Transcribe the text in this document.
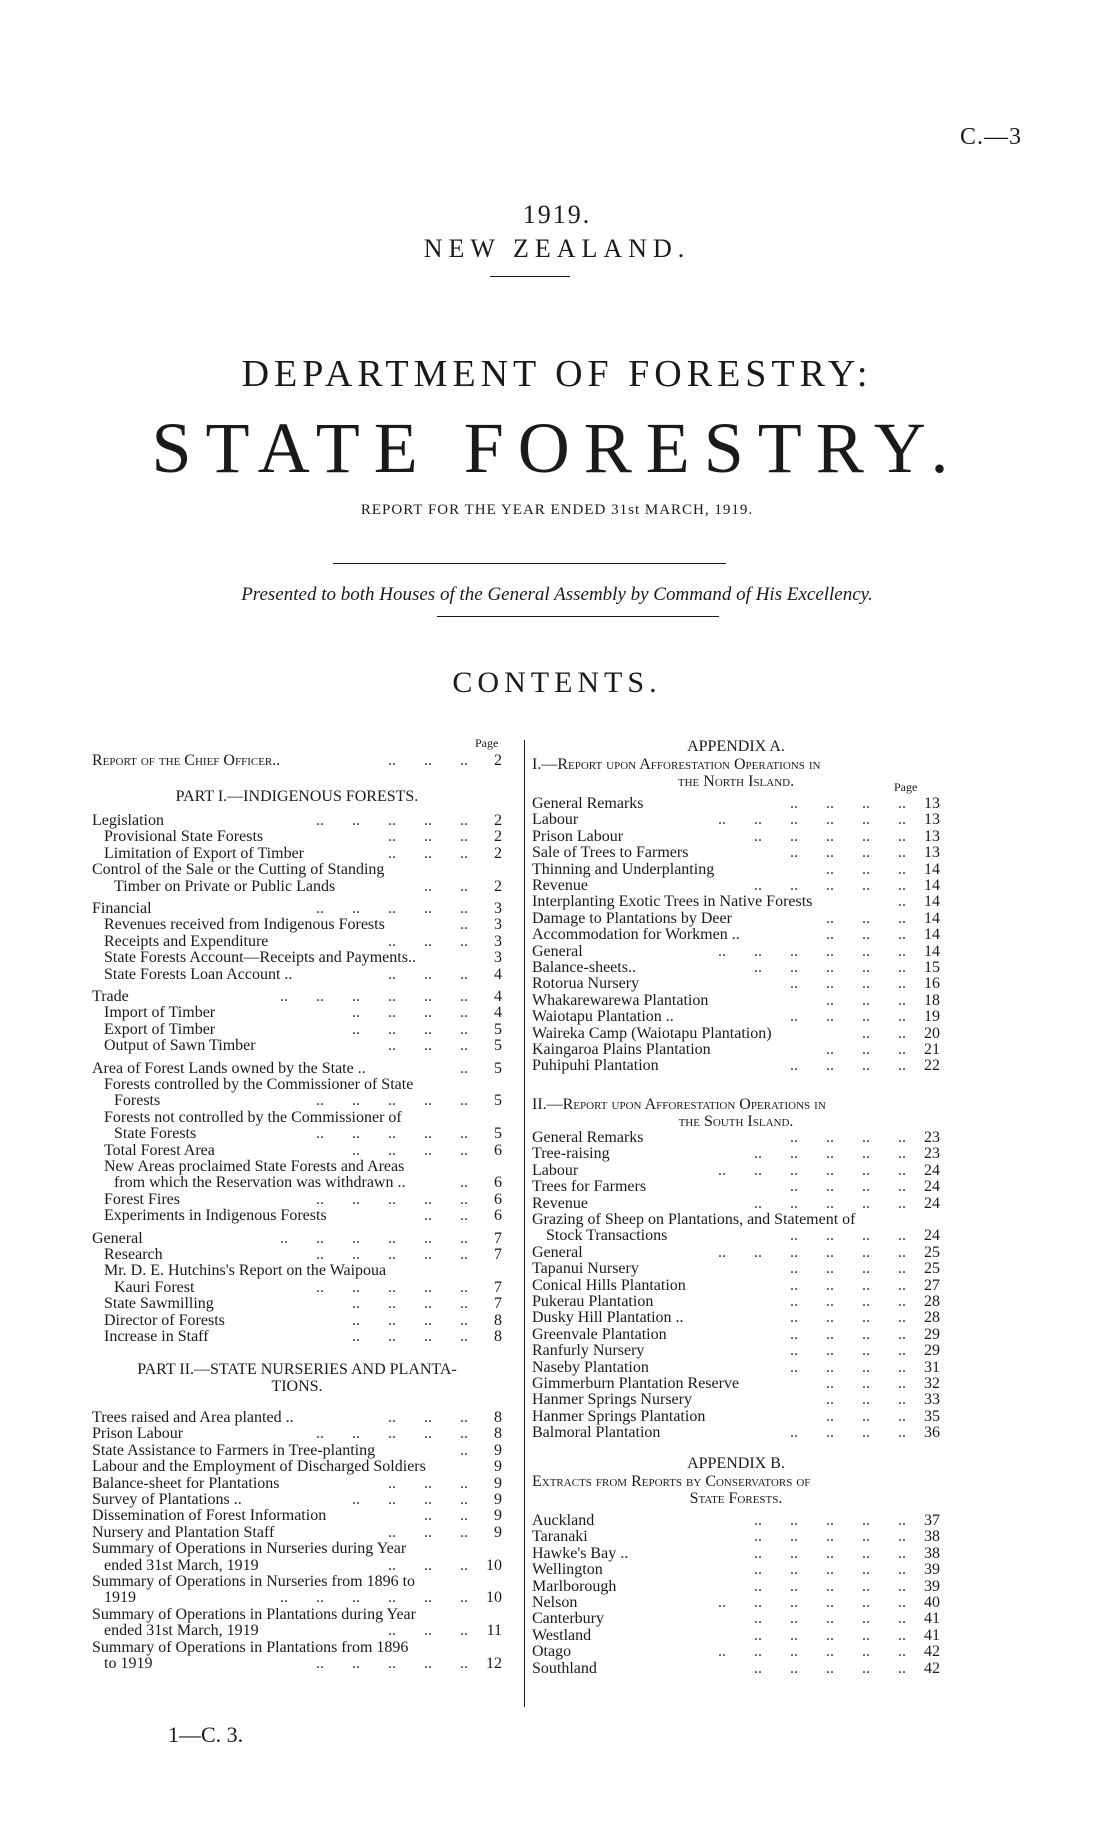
C.—3
1919.
NEW ZEALAND.
DEPARTMENT OF FORESTRY:
STATE FORESTRY.
REPORT FOR THE YEAR ENDED 31st MARCH, 1919.
Presented to both Houses of the General Assembly by Command of His Excellency.
CONTENTS.
Page
Report of the Chief Officer..	2
..       ..       ..
PART I.—INDIGENOUS FORESTS.
Legislation	2
..       ..       ..       ..       ..
Provisional State Forests	2
..       ..       ..
Limitation of Export of Timber	2
..       ..       ..
Control of the Sale or the Cutting of Standing
Timber on Private or Public Lands	2
..       ..
Financial	3
..       ..       ..       ..       ..
Revenues received from Indigenous Forests	3
..
Receipts and Expenditure	3
..       ..       ..
State Forests Account—Receipts and Payments..	3
State Forests Loan Account ..	4
..       ..       ..
Trade	4
..       ..       ..       ..       ..       ..
Import of Timber	4
..       ..       ..       ..
Export of Timber	5
..       ..       ..       ..
Output of Sawn Timber	5
..       ..       ..
Area of Forest Lands owned by the State ..	5
..
Forests controlled by the Commissioner of State
Forests	5
..       ..       ..       ..       ..
Forests not controlled by the Commissioner of
State Forests	5
..       ..       ..       ..       ..
Total Forest Area	6
..       ..       ..       ..
New Areas proclaimed State Forests and Areas
from which the Reservation was withdrawn ..	6
..
Forest Fires	6
..       ..       ..       ..       ..
Experiments in Indigenous Forests	6
..       ..
General	7
..       ..       ..       ..       ..       ..
Research	7
..       ..       ..       ..       ..
Mr. D. E. Hutchins's Report on the Waipoua
Kauri Forest	7
..       ..       ..       ..       ..
State Sawmilling	7
..       ..       ..       ..
Director of Forests	8
..       ..       ..       ..
Increase in Staff	8
..       ..       ..       ..
PART II.—STATE NURSERIES AND PLANTA-
TIONS.
Trees raised and Area planted ..	8
..       ..       ..
Prison Labour	8
..       ..       ..       ..       ..
State Assistance to Farmers in Tree-planting	9
..
Labour and the Employment of Discharged Soldiers	9
Balance-sheet for Plantations	9
..       ..       ..
Survey of Plantations ..	9
..       ..       ..       ..
Dissemination of Forest Information	9
..       ..
Nursery and Plantation Staff	9
..       ..       ..
Summary of Operations in Nurseries during Year
ended 31st March, 1919	10
..       ..       ..
Summary of Operations in Nurseries from 1896 to
1919	10
..       ..       ..       ..       ..       ..
Summary of Operations in Plantations during Year
ended 31st March, 1919	11
..       ..       ..
Summary of Operations in Plantations from 1896
to 1919	12
..       ..       ..       ..       ..
Page
APPENDIX A.
I.—Report upon Afforestation Operations in
the North Island.
General Remarks	13
..       ..       ..       ..
Labour	13
..       ..       ..       ..       ..       ..
Prison Labour	13
..       ..       ..       ..       ..
Sale of Trees to Farmers	13
..       ..       ..       ..
Thinning and Underplanting	14
..       ..       ..
Revenue	14
..       ..       ..       ..       ..
Interplanting Exotic Trees in Native Forests	14
..
Damage to Plantations by Deer	14
..       ..       ..
Accommodation for Workmen ..	14
..       ..       ..
General	14
..       ..       ..       ..       ..       ..
Balance-sheets..	15
..       ..       ..       ..       ..
Rotorua Nursery	16
..       ..       ..       ..
Whakarewarewa Plantation	18
..       ..       ..
Waiotapu Plantation ..	19
..       ..       ..       ..
Waireka Camp (Waiotapu Plantation)	20
..       ..
Kaingaroa Plains Plantation	21
..       ..       ..
Puhipuhi Plantation	22
..       ..       ..       ..
II.—Report upon Afforestation Operations in
the South Island.
General Remarks	23
..       ..       ..       ..
Tree-raising	23
..       ..       ..       ..       ..
Labour	24
..       ..       ..       ..       ..       ..
Trees for Farmers	24
..       ..       ..       ..
Revenue	24
..       ..       ..       ..       ..
Grazing of Sheep on Plantations, and Statement of
Stock Transactions	24
..       ..       ..       ..
General	25
..       ..       ..       ..       ..       ..
Tapanui Nursery	25
..       ..       ..       ..
Conical Hills Plantation	27
..       ..       ..       ..
Pukerau Plantation	28
..       ..       ..       ..
Dusky Hill Plantation ..	28
..       ..       ..       ..
Greenvale Plantation	29
..       ..       ..       ..
Ranfurly Nursery	29
..       ..       ..       ..
Naseby Plantation	31
..       ..       ..       ..
Gimmerburn Plantation Reserve	32
..       ..       ..
Hanmer Springs Nursery	33
..       ..       ..
Hanmer Springs Plantation	35
..       ..       ..
Balmoral Plantation	36
..       ..       ..       ..
APPENDIX B.
Extracts from Reports by Conservators of
State Forests.
Auckland	37
..       ..       ..       ..       ..
Taranaki	38
..       ..       ..       ..       ..
Hawke's Bay ..	38
..       ..       ..       ..       ..
Wellington	39
..       ..       ..       ..       ..
Marlborough	39
..       ..       ..       ..       ..
Nelson	40
..       ..       ..       ..       ..       ..
Canterbury	41
..       ..       ..       ..       ..
Westland	41
..       ..       ..       ..       ..
Otago	42
..       ..       ..       ..       ..       ..
Southland	42
..       ..       ..       ..       ..
1—C. 3.
